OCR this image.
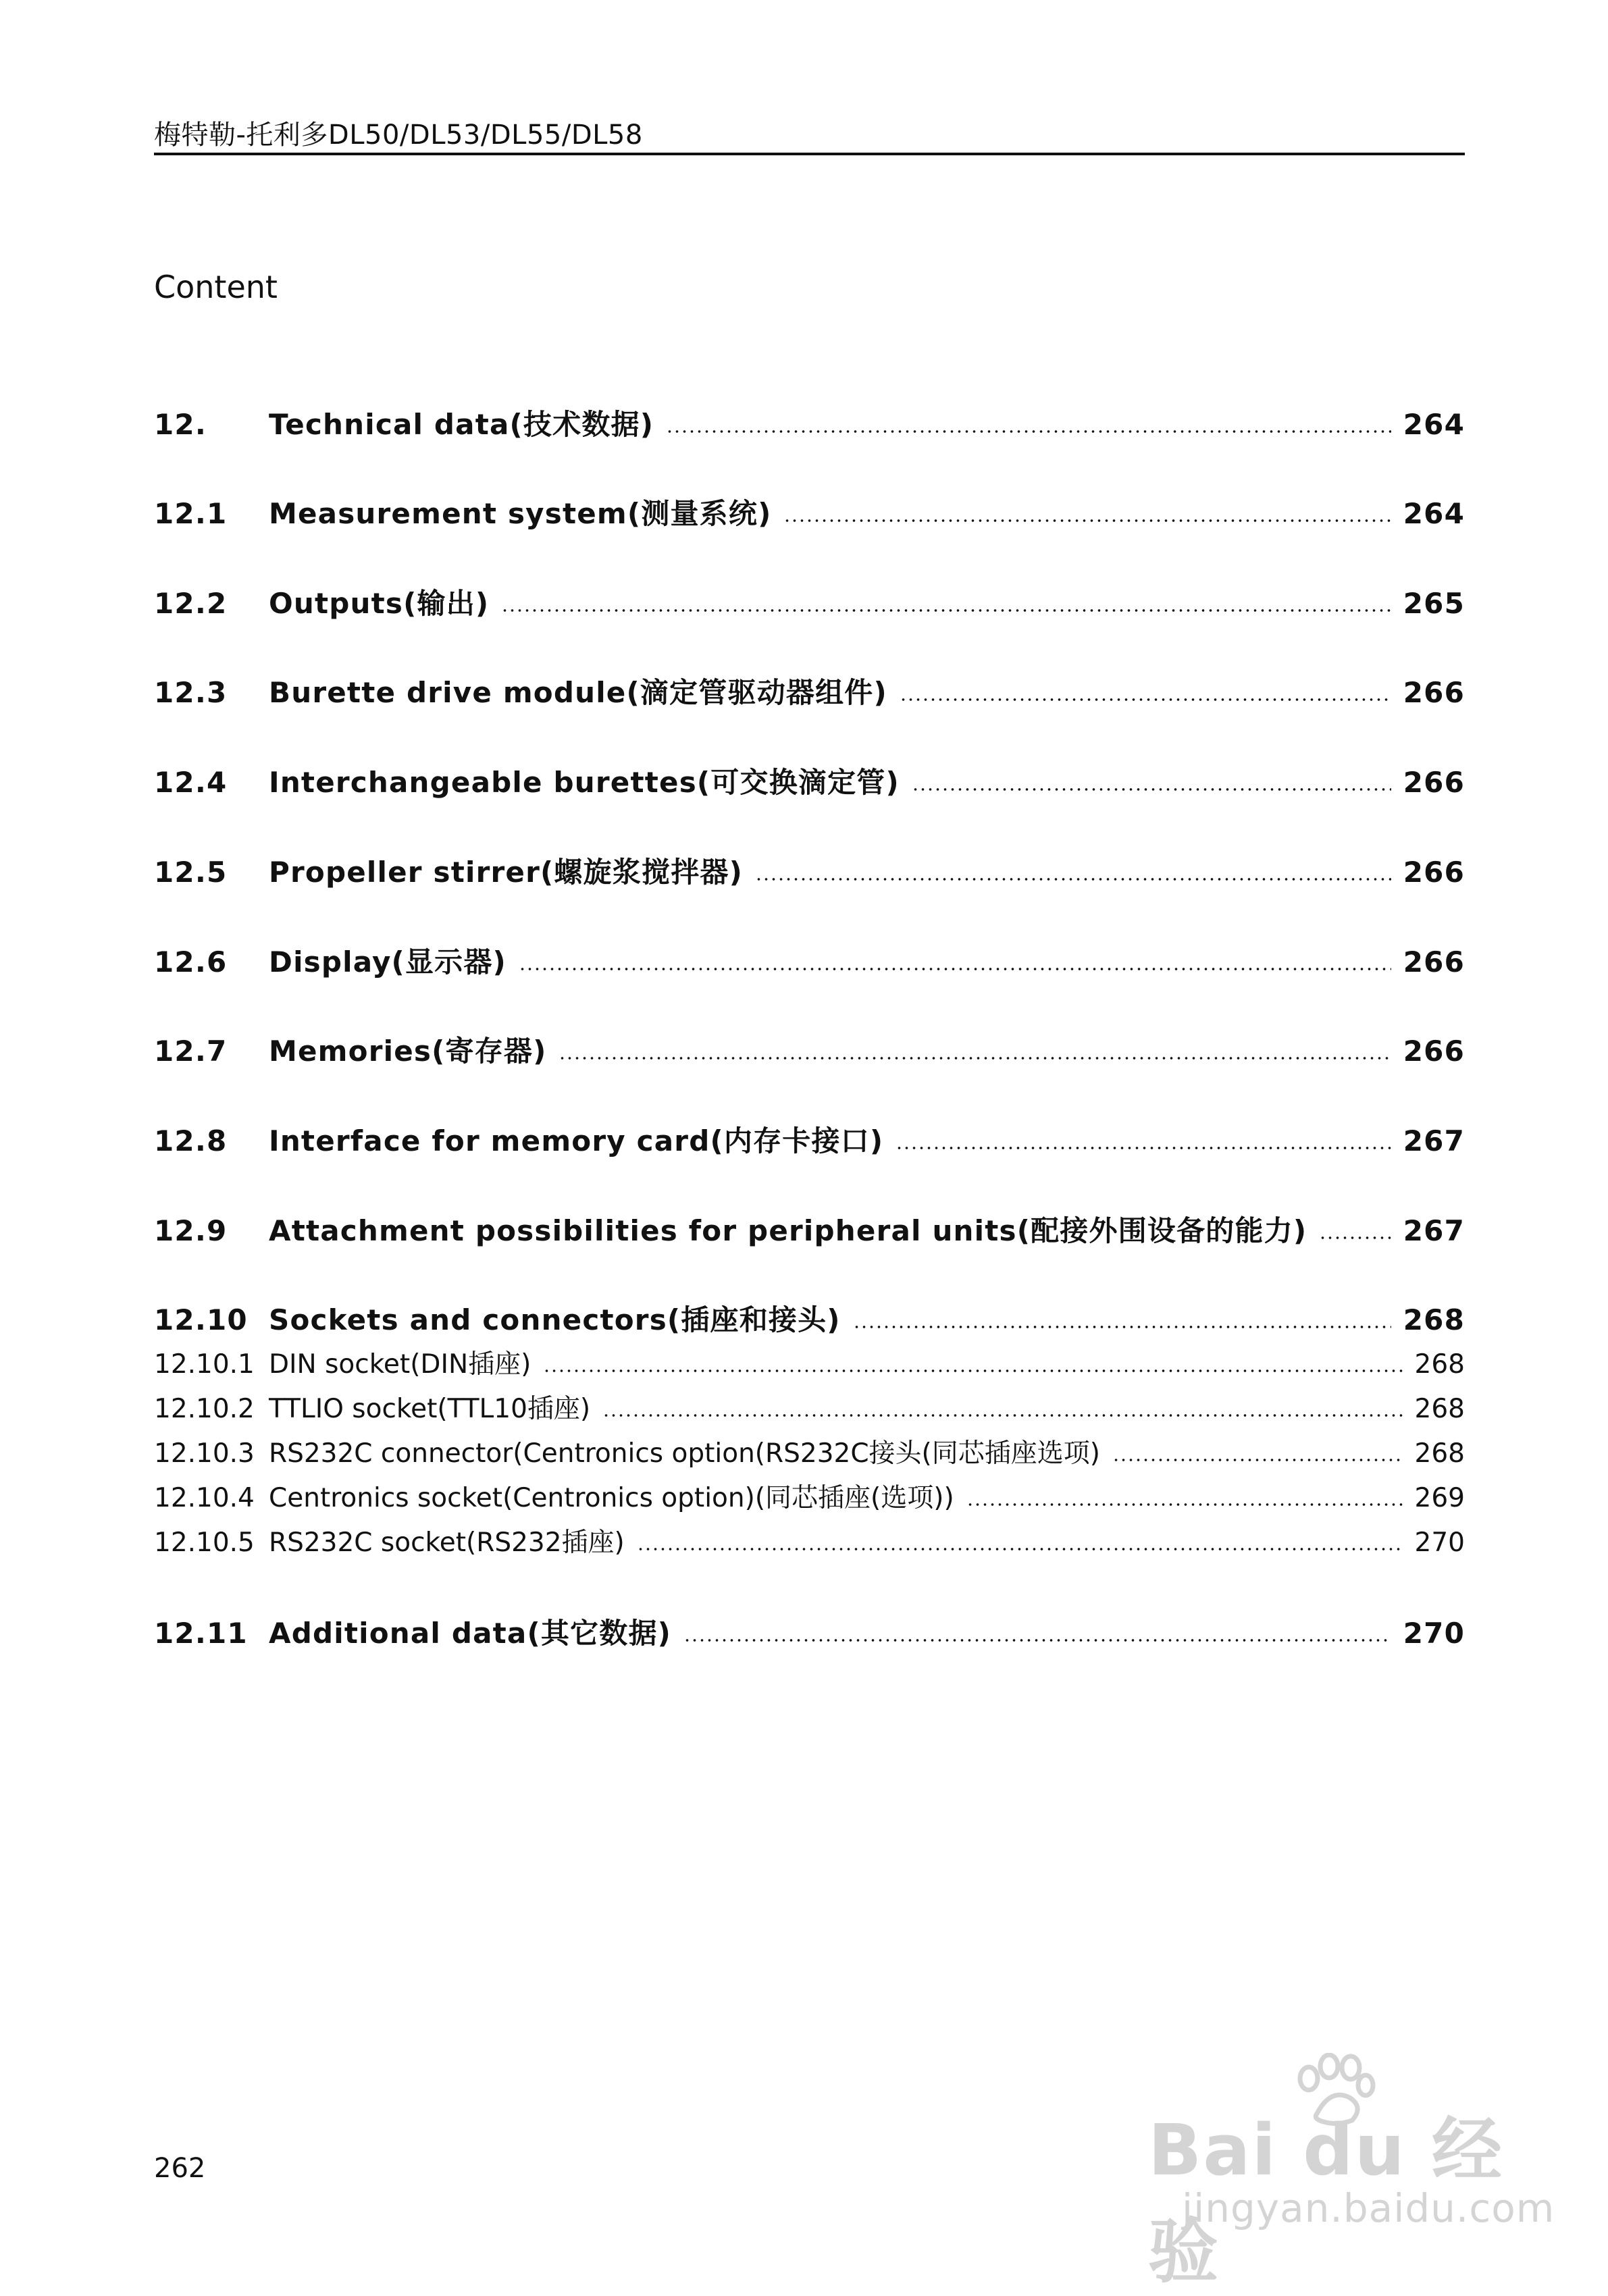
梅特勒-托利多DL50/DL53/DL55/DL58
Content
12.	Technical data(技术数据)	264
12.1	Measurement system(测量系统)	264
12.2	Outputs(输出)	265
12.3	Burette drive module(滴定管驱动器组件)	266
12.4	Interchangeable burettes(可交换滴定管)	266
12.5	Propeller stirrer(螺旋浆搅拌器)	266
12.6	Display(显示器)	266
12.7	Memories(寄存器)	266
12.8	Interface for memory card(内存卡接口)	267
12.9	Attachment possibilities for peripheral units(配接外围设备的能力)	267
12.10 Sockets and connectors(插座和接头)	268
12.10.1 DIN socket(DIN插座)	268
12.10.2 TTLIO socket(TTL10插座)	268
12.10.3 RS232C connector(Centronics option(RS232C接头(同芯插座选项)	268
12.10.4 Centronics socket(Centronics option)(同芯插座(选项))	269
12.10.5 RS232C socket(RS232插座)	270
12.11 Additional data(其它数据)	270
262	Bai du 经验
jingyan.baidu.com
